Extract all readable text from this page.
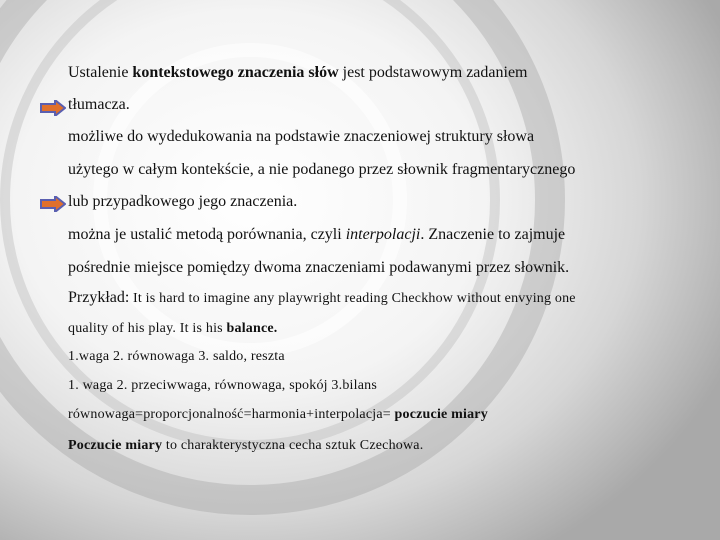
Ustalenie kontekstowego znaczenia słów jest podstawowym zadaniem
tłumacza.
możliwe do wydedukowania na podstawie znaczeniowej struktury słowa
użytego w całym kontekście, a nie podanego przez słownik fragmentarycznego
lub przypadkowego jego znaczenia.
można je ustalić metodą porównania, czyli interpolacji. Znaczenie to zajmuje
pośrednie miejsce pomiędzy dwoma znaczeniami podawanymi przez słownik.
Przykład: It is hard to imagine any playwright reading Checkhow without envying one
quality of his play. It is his balance.
1.waga 2. równowaga 3. saldo, reszta
1. waga 2. przeciwwaga, równowaga, spokój 3.bilans
równowaga=proporcjonalność=harmonia+interpolacja= poczucie miary
Poczucie miary to charakterystyczna cecha sztuk Czechowa.
